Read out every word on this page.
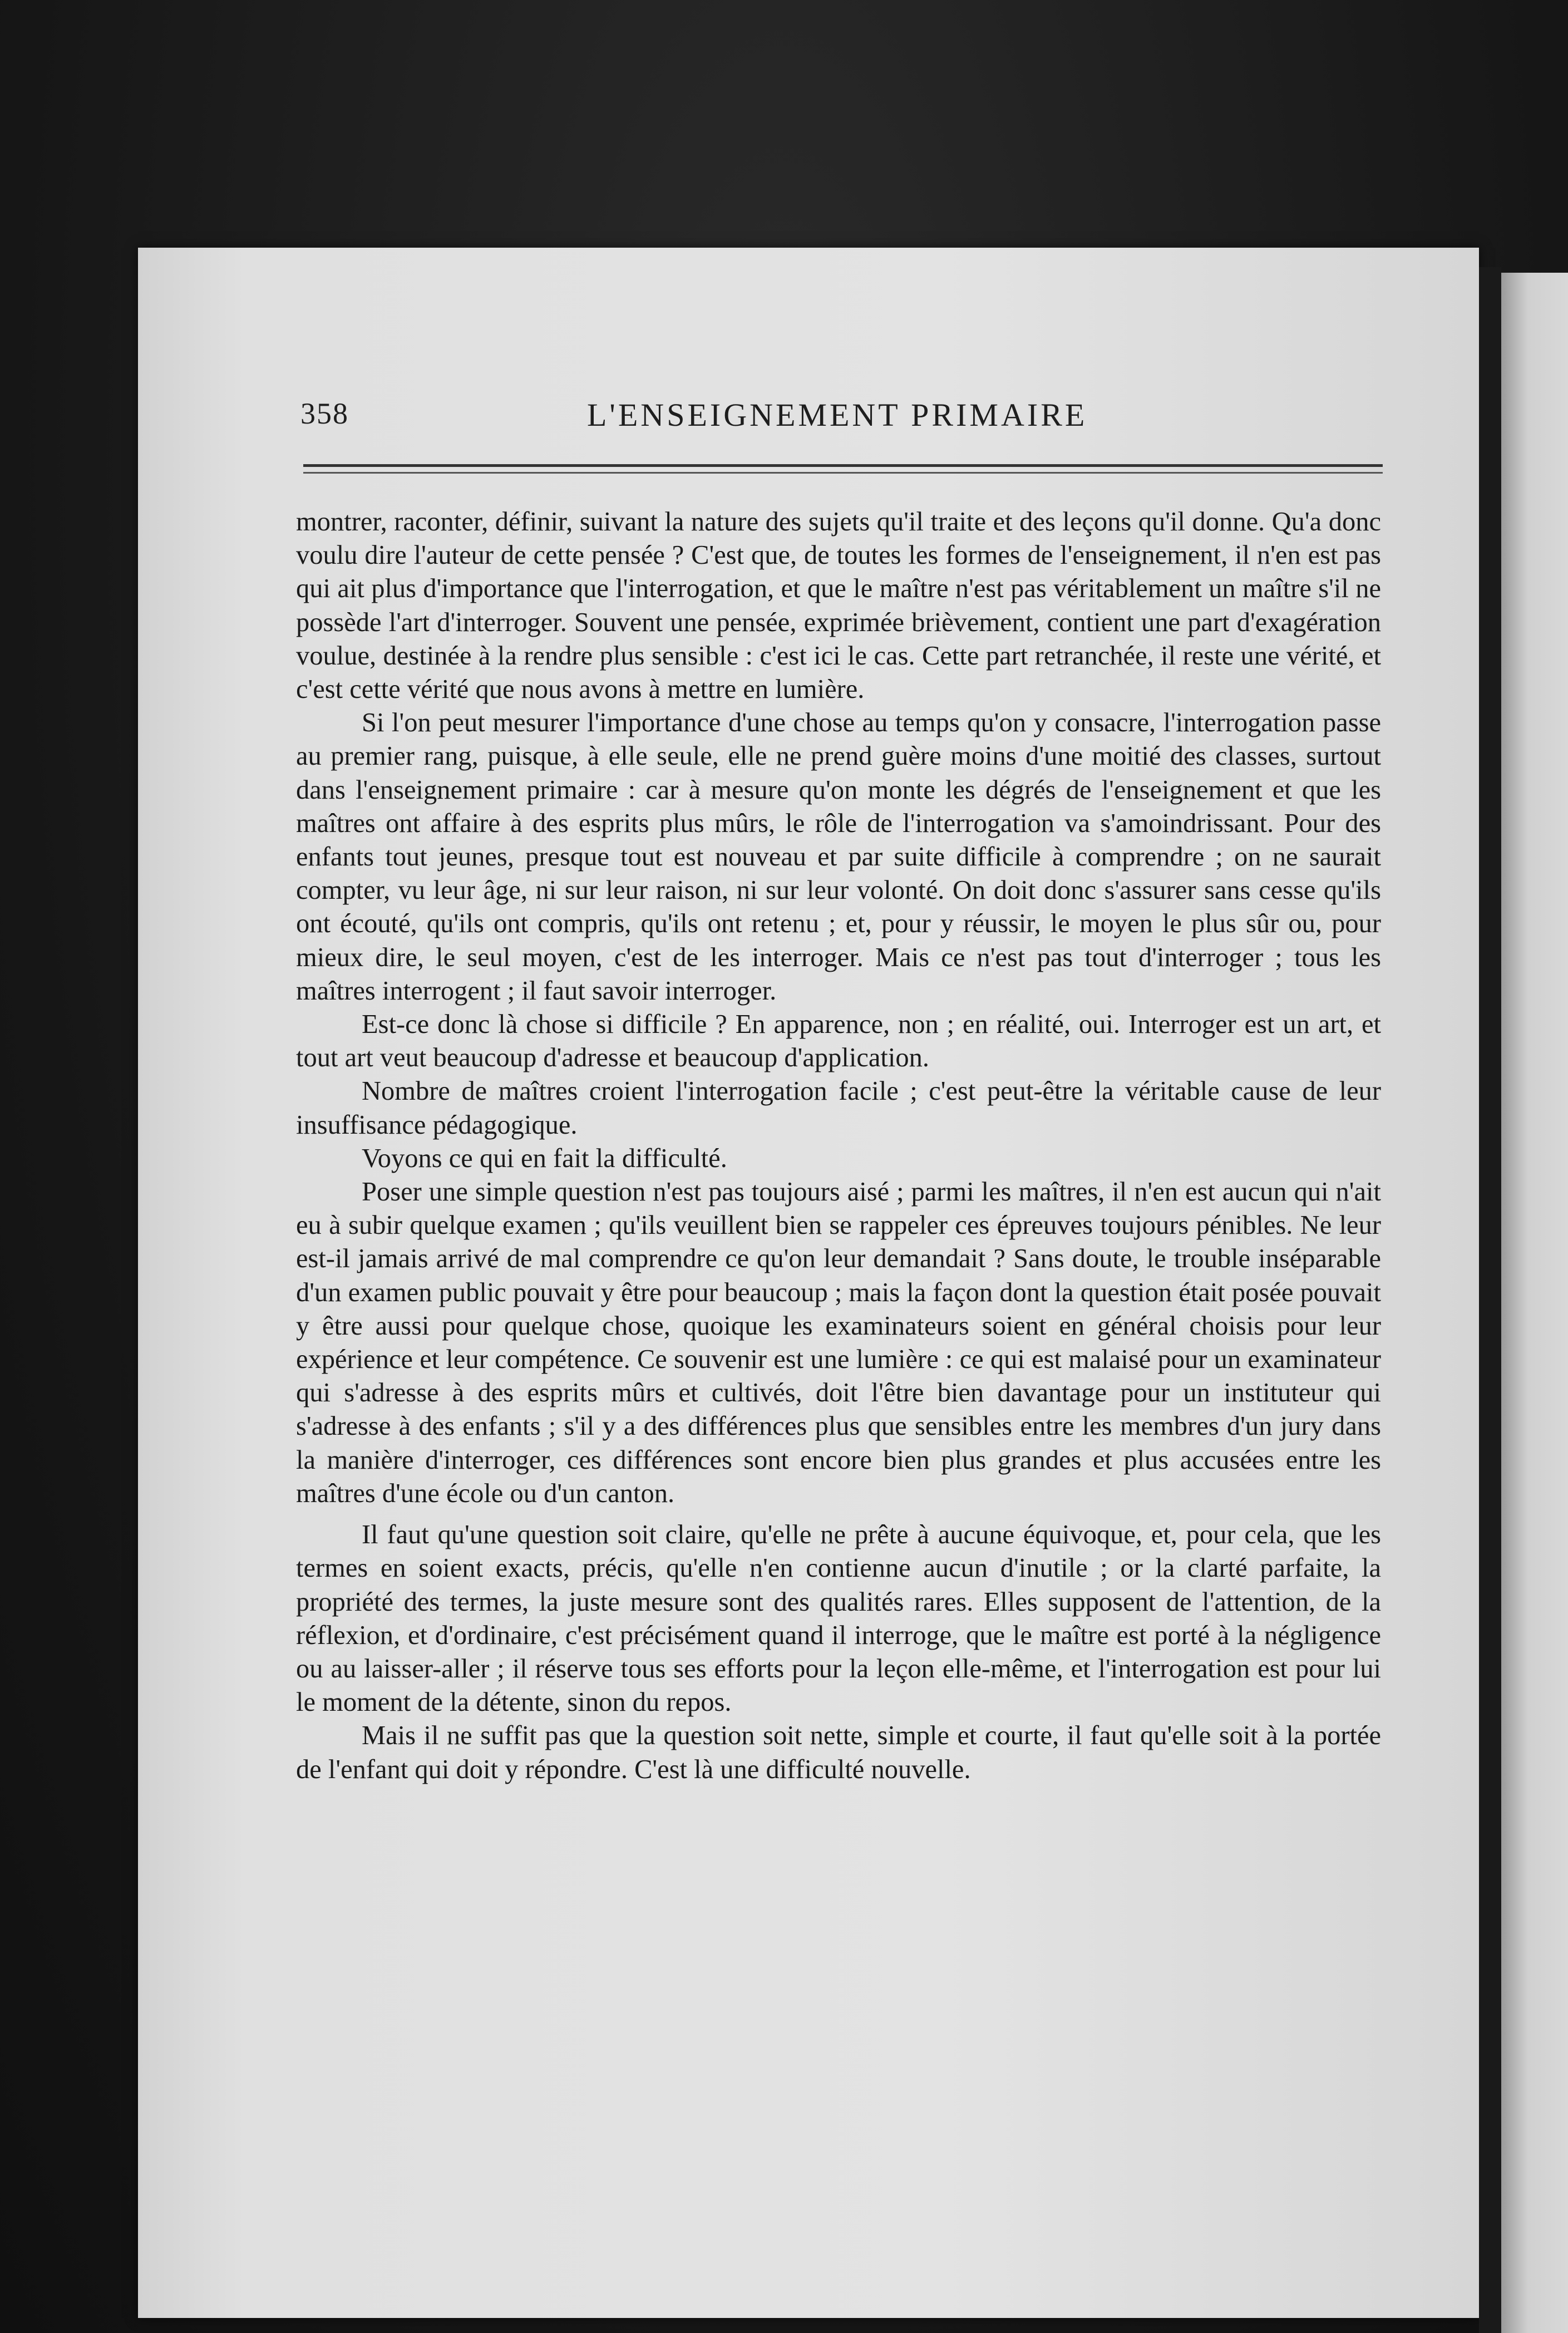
358	L'ENSEIGNEMENT PRIMAIRE

montrer, raconter, définir, suivant la nature des sujets qu'il traite et des leçons qu'il donne. Qu'a donc voulu dire l'auteur de cette pensée ? C'est que, de toutes les formes de l'enseignement, il n'en est pas qui ait plus d'importance que l'interrogation, et que le maître n'est pas véritablement un maître s'il ne possède l'art d'interroger. Souvent une pensée, exprimée brièvement, contient une part d'exagération voulue, destinée à la rendre plus sensible : c'est ici le cas. Cette part retranchée, il reste une vérité, et c'est cette vérité que nous avons à mettre en lumière.

Si l'on peut mesurer l'importance d'une chose au temps qu'on y consacre, l'interrogation passe au premier rang, puisque, à elle seule, elle ne prend guère moins d'une moitié des classes, surtout dans l'enseignement primaire : car à mesure qu'on monte les dégrés de l'enseignement et que les maîtres ont affaire à des esprits plus mûrs, le rôle de l'interrogation va s'amoindrissant. Pour des enfants tout jeunes, presque tout est nouveau et par suite difficile à comprendre ; on ne saurait compter, vu leur âge, ni sur leur raison, ni sur leur volonté. On doit donc s'assurer sans cesse qu'ils ont écouté, qu'ils ont compris, qu'ils ont retenu ; et, pour y réussir, le moyen le plus sûr ou, pour mieux dire, le seul moyen, c'est de les interroger. Mais ce n'est pas tout d'interroger ; tous les maîtres interrogent ; il faut savoir interroger.

Est-ce donc là chose si difficile ? En apparence, non ; en réalité, oui. Interroger est un art, et tout art veut beaucoup d'adresse et beaucoup d'application.

Nombre de maîtres croient l'interrogation facile ; c'est peut-être la véritable cause de leur insuffisance pédagogique.

Voyons ce qui en fait la difficulté.

Poser une simple question n'est pas toujours aisé ; parmi les maîtres, il n'en est aucun qui n'ait eu à subir quelque examen ; qu'ils veuillent bien se rappeler ces épreuves toujours pénibles. Ne leur est-il jamais arrivé de mal comprendre ce qu'on leur demandait ? Sans doute, le trouble inséparable d'un examen public pouvait y être pour beaucoup ; mais la façon dont la question était posée pouvait y être aussi pour quelque chose, quoique les examinateurs soient en général choisis pour leur expérience et leur compétence. Ce souvenir est une lumière : ce qui est malaisé pour un examinateur qui s'adresse à des esprits mûrs et cultivés, doit l'être bien davantage pour un instituteur qui s'adresse à des enfants ; s'il y a des différences plus que sensibles entre les membres d'un jury dans la manière d'interroger, ces différences sont encore bien plus grandes et plus accusées entre les maîtres d'une école ou d'un canton.

Il faut qu'une question soit claire, qu'elle ne prête à aucune équivoque, et, pour cela, que les termes en soient exacts, précis, qu'elle n'en contienne aucun d'inutile ; or la clarté parfaite, la propriété des termes, la juste mesure sont des qualités rares. Elles supposent de l'attention, de la réflexion, et d'ordinaire, c'est précisément quand il interroge, que le maître est porté à la négligence ou au laisser-aller ; il réserve tous ses efforts pour la leçon elle-même, et l'interrogation est pour lui le moment de la détente, sinon du repos.

Mais il ne suffit pas que la question soit nette, simple et courte, il faut qu'elle soit à la portée de l'enfant qui doit y répondre. C'est là une difficulté nouvelle.
